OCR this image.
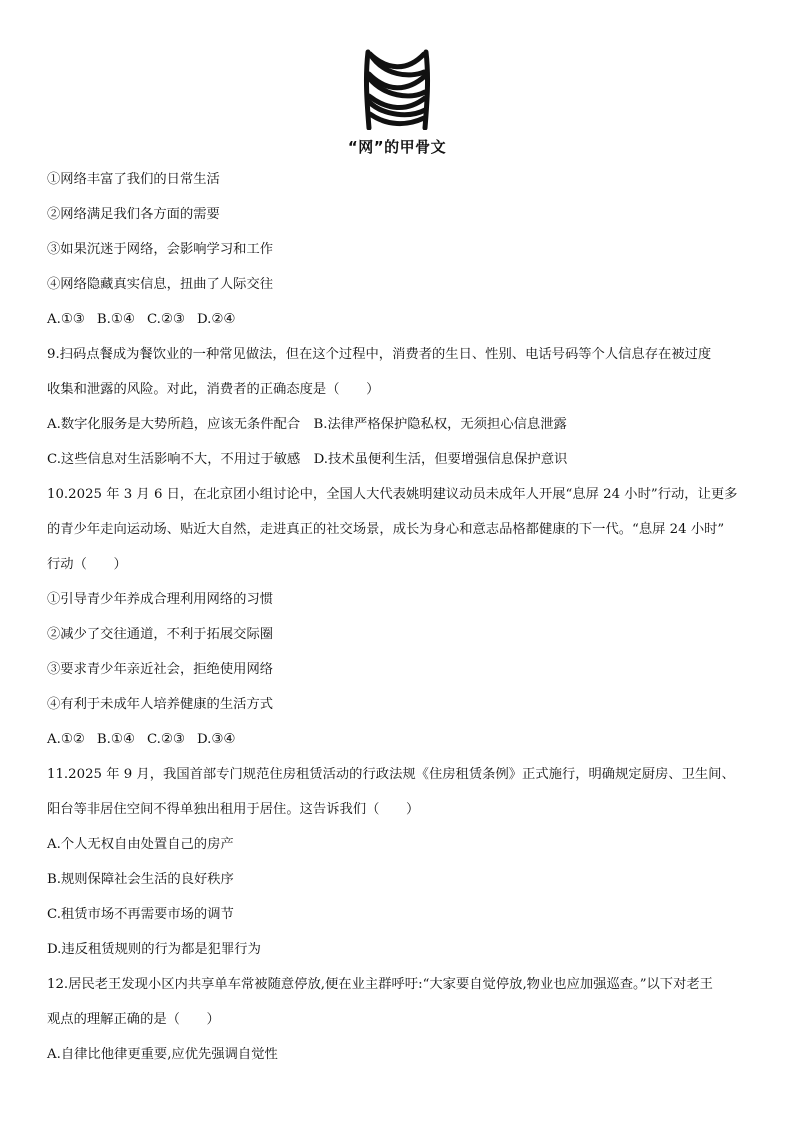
“网”的甲骨文

①网络丰富了我们的日常生活

②网络满足我们各方面的需要

③如果沉迷于网络，会影响学习和工作

④网络隐藏真实信息，扭曲了人际交往

A.①③ B.①④ C.②③ D.②④

9.扫码点餐成为餐饮业的一种常见做法，但在这个过程中，消费者的生日、性别、电话号码等个人信息存在被过度
收集和泄露的风险。对此，消费者的正确态度是（　　）

A.数字化服务是大势所趋，应该无条件配合　B.法律严格保护隐私权，无须担心信息泄露

C.这些信息对生活影响不大，不用过于敏感　D.技术虽便利生活，但要增强信息保护意识

10.2025 年 3 月 6 日，在北京团小组讨论中，全国人大代表姚明建议动员未成年人开展“息屏 24 小时”行动，让更多
的青少年走向运动场、贴近大自然，走进真正的社交场景，成长为身心和意志品格都健康的下一代。“息屏 24 小时”
行动（　　）

①引导青少年养成合理利用网络的习惯

②减少了交往通道，不利于拓展交际圈

③要求青少年亲近社会，拒绝使用网络

④有利于未成年人培养健康的生活方式

A.①② B.①④ C.②③ D.③④

11.2025 年 9 月，我国首部专门规范住房租赁活动的行政法规《住房租赁条例》正式施行，明确规定厨房、卫生间、
阳台等非居住空间不得单独出租用于居住。这告诉我们（　　）

A.个人无权自由处置自己的房产

B.规则保障社会生活的良好秩序

C.租赁市场不再需要市场的调节

D.违反租赁规则的行为都是犯罪行为

12.居民老王发现小区内共享单车常被随意停放,便在业主群呼吁:“大家要自觉停放,物业也应加强巡查。”以下对老王
观点的理解正确的是（　　）

A.自律比他律更重要,应优先强调自觉性
